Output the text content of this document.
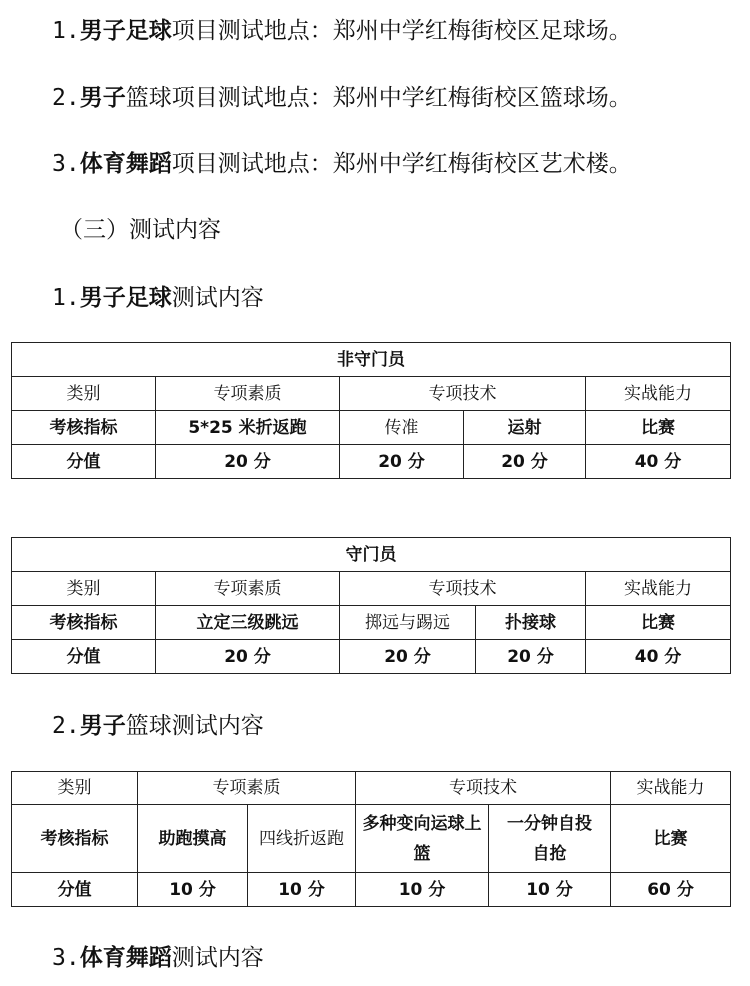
1.男子足球项目测试地点：郑州中学红梅街校区足球场。
2.男子篮球项目测试地点：郑州中学红梅街校区篮球场。
3.体育舞蹈项目测试地点：郑州中学红梅街校区艺术楼。
（三）测试内容
1.男子足球测试内容
非守门员				
类别	专项素质	专项技术		实战能力
考核指标	5*25 米折返跑	传准	运射	比赛
分值	20 分	20 分	20 分	40 分
守门员				
类别	专项素质	专项技术		实战能力
考核指标	立定三级跳远	掷远与踢远	扑接球	比赛
分值	20 分	20 分	20 分	40 分
2.男子篮球测试内容
类别	专项素质		专项技术		实战能力
考核指标	助跑摸高	四线折返跑	多种变向运球上篮	一分钟自投自抢	比赛
分值	10 分	10 分	10 分	10 分	60 分
3.体育舞蹈测试内容
